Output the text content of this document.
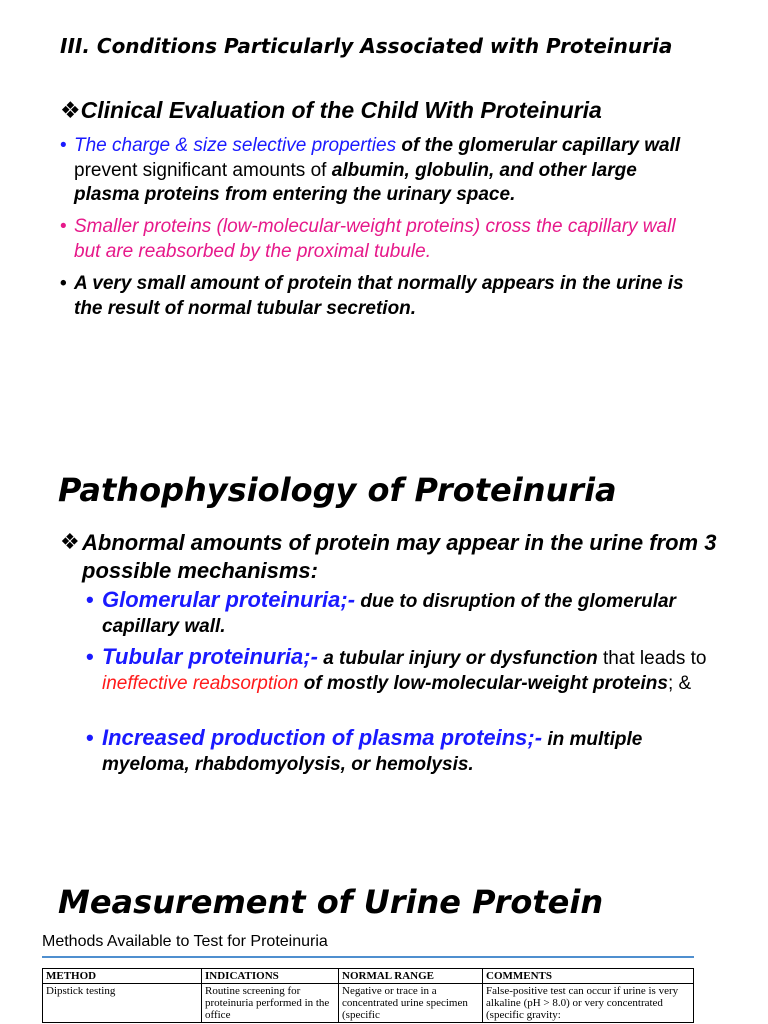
III. Conditions Particularly Associated with Proteinuria
❖Clinical Evaluation of the Child With Proteinuria
• The charge & size selective properties of the glomerular capillary wall prevent significant amounts of albumin, globulin, and other large plasma proteins from entering the urinary space.
• Smaller proteins (low-molecular-weight proteins) cross the capillary wall but are reabsorbed by the proximal tubule.
• A very small amount of protein that normally appears in the urine is the result of normal tubular secretion.
Pathophysiology of Proteinuria
❖ Abnormal amounts of protein may appear in the urine from 3 possible mechanisms:
• Glomerular proteinuria;- due to disruption of the glomerular capillary wall.
• Tubular proteinuria;- a tubular injury or dysfunction that leads to ineffective reabsorption of mostly low-molecular-weight proteins; &
• Increased production of plasma proteins;- in multiple myeloma, rhabdomyolysis, or hemolysis.
Measurement of Urine Protein
Methods Available to Test for Proteinuria
METHOD	INDICATIONS	NORMAL RANGE	COMMENTS
Dipstick testing	Routine screening for proteinuria performed in the office	Negative or trace in a concentrated urine specimen (specific	False-positive test can occur if urine is very alkaline (pH > 8.0) or very concentrated (specific gravity:
